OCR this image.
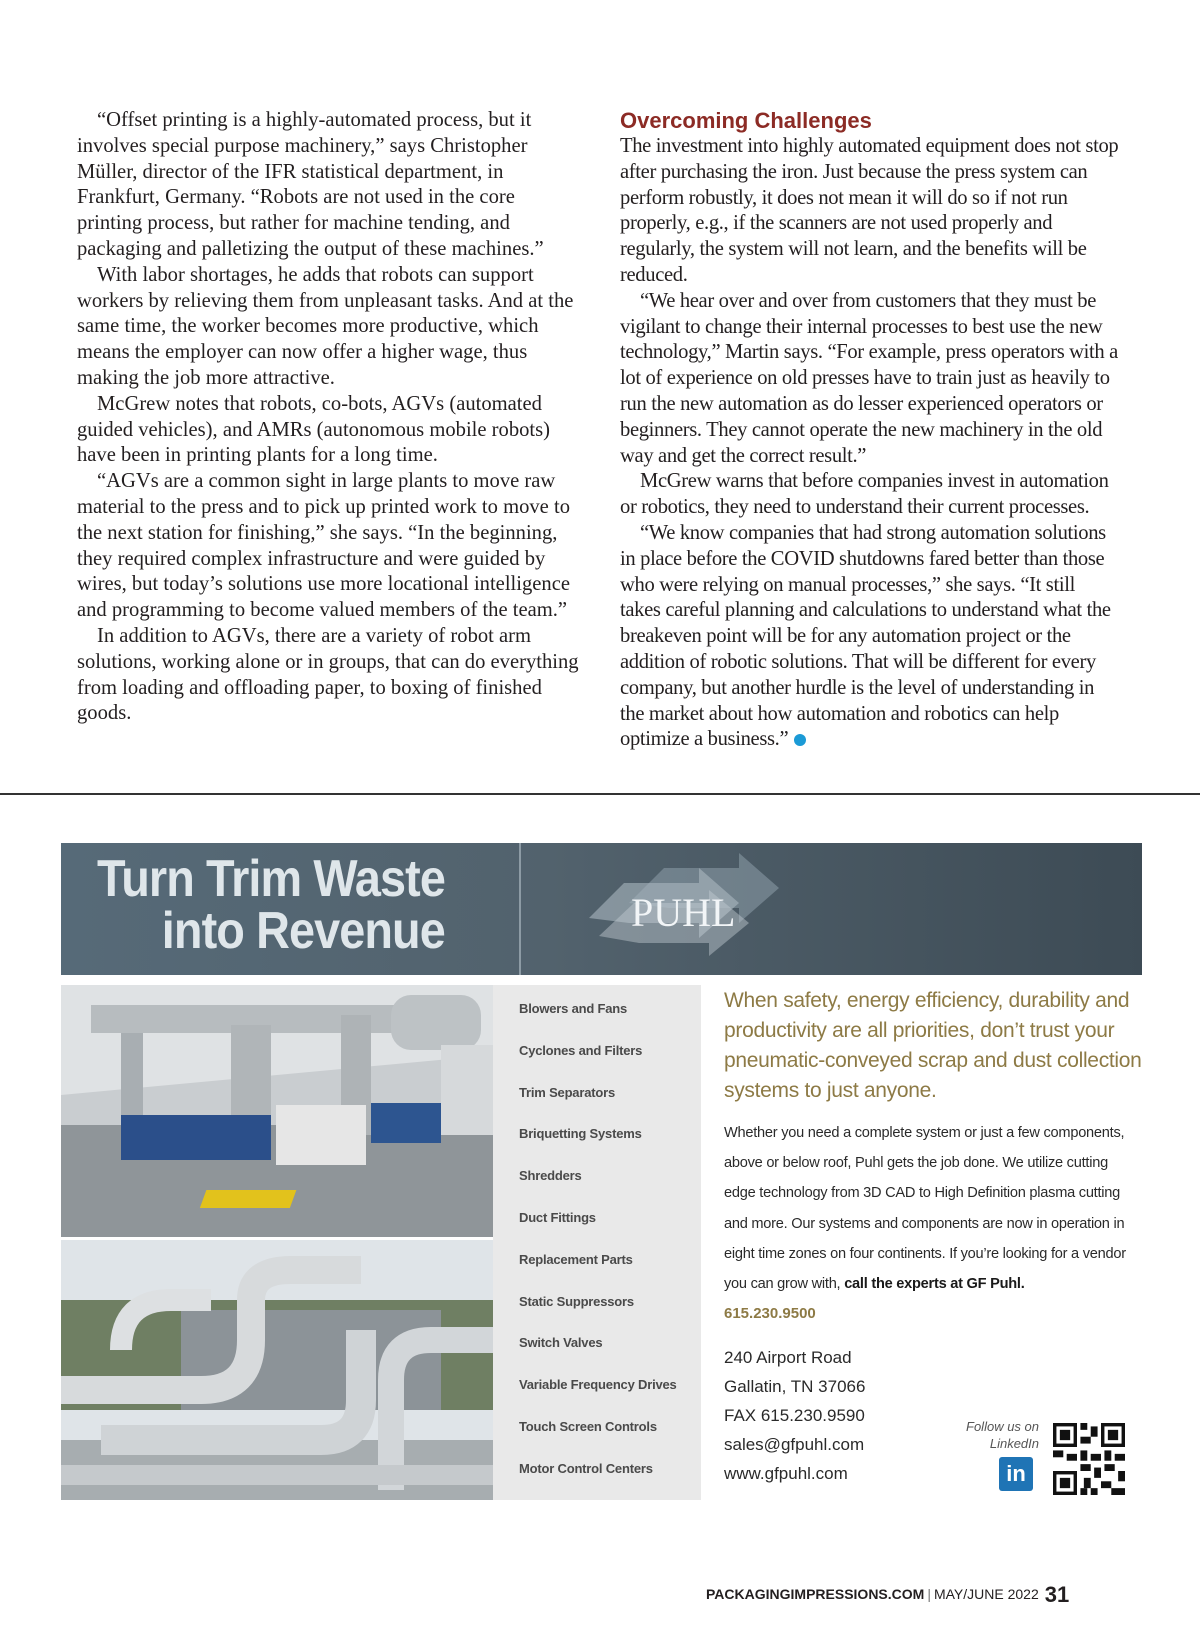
“Offset printing is a highly-automated process, but it involves special purpose machinery,” says Christopher Müller, director of the IFR statistical department, in Frankfurt, Germany. “Robots are not used in the core printing process, but rather for machine tending, and packaging and palletizing the output of these machines.”

With labor shortages, he adds that robots can support workers by relieving them from unpleasant tasks. And at the same time, the worker becomes more productive, which means the employer can now offer a higher wage, thus making the job more attractive.

McGrew notes that robots, co-bots, AGVs (automated guided vehicles), and AMRs (autonomous mobile robots) have been in printing plants for a long time.

“AGVs are a common sight in large plants to move raw material to the press and to pick up printed work to move to the next station for finishing,” she says. “In the beginning, they required complex infrastructure and were guided by wires, but today’s solutions use more locational intelligence and programming to become valued members of the team.”

In addition to AGVs, there are a variety of robot arm solutions, working alone or in groups, that can do everything from loading and offloading paper, to boxing of finished goods.

Overcoming Challenges

The investment into highly automated equipment does not stop after purchasing the iron. Just because the press system can perform robustly, it does not mean it will do so if not run properly, e.g., if the scanners are not used properly and regularly, the system will not learn, and the benefits will be reduced.

“We hear over and over from customers that they must be vigilant to change their internal processes to best use the new technology,” Martin says. “For example, press operators with a lot of experience on old presses have to train just as heavily to run the new automation as do lesser experienced operators or beginners. They cannot operate the new machinery in the old way and get the correct result.”

McGrew warns that before companies invest in automation or robotics, they need to understand their current processes.

“We know companies that had strong automation solutions in place before the COVID shutdowns fared better than those who were relying on manual processes,” she says. “It still takes careful planning and calculations to understand what the breakeven point will be for any automation project or the addition of robotic solutions. That will be different for every company, but another hurdle is the level of understanding in the market about how automation and robotics can help optimize a business.”

Turn Trim Waste
into Revenue	PUHL
Blowers and Fans
Cyclones and Filters
Trim Separators
Briquetting Systems
Shredders
Duct Fittings
Replacement Parts
Static Suppressors
Switch Valves
Variable Frequency Drives
Touch Screen Controls
Motor Control Centers

When safety, energy efficiency, durability and productivity are all priorities, don’t trust your pneumatic-conveyed scrap and dust collection systems to just anyone.

Whether you need a complete system or just a few components, above or below roof, Puhl gets the job done. We utilize cutting edge technology from 3D CAD to High Definition plasma cutting and more. Our systems and components are now in operation in eight time zones on four continents. If you’re looking for a vendor you can grow with, call the experts at GF Puhl.

615.230.9500

240 Airport Road
Gallatin, TN 37066
FAX 615.230.9590
sales@gfpuhl.com
www.gfpuhl.com
Follow us on
LinkedIn
in
PACKAGINGIMPRESSIONS.COM | MAY/JUNE 2022 31
